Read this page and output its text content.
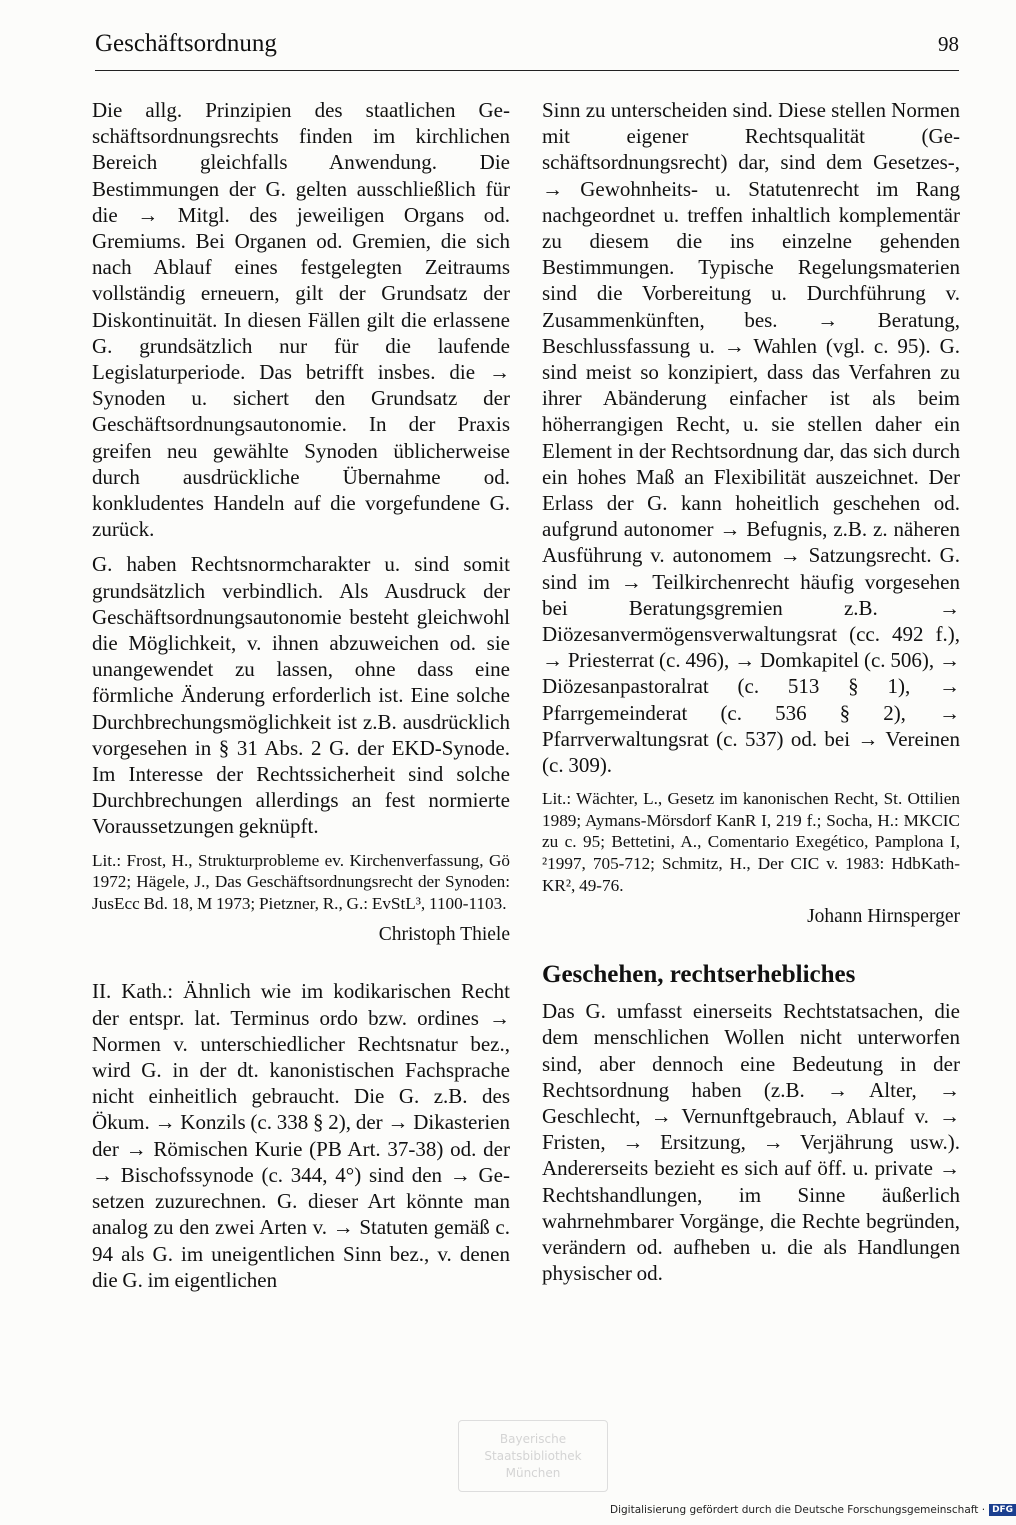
Geschäftsordnung	98

Die allg. Prinzipien des staatlichen Geschäftsordnungsrechts finden im kirchlichen Bereich gleichfalls Anwendung. Die Bestimmungen der G. gelten ausschließlich für die → Mitgl. des jeweiligen Organs od. Gremiums. Bei Organen od. Gremien, die sich nach Ablauf eines festgelegten Zeitraums vollständig erneuern, gilt der Grundsatz der Diskontinuität. In diesen Fällen gilt die erlassene G. grundsätzlich nur für die laufende Legislaturperiode. Das betrifft insbes. die → Synoden u. sichert den Grundsatz der Geschäftsordnungsautonomie. In der Praxis greifen neu gewählte Synoden üblicherweise durch ausdrückliche Übernahme od. konkludentes Handeln auf die vorgefundene G. zurück.

G. haben Rechtsnormcharakter u. sind somit grundsätzlich verbindlich. Als Ausdruck der Geschäftsordnungsautonomie besteht gleichwohl die Möglichkeit, v. ihnen abzuweichen od. sie unangewendet zu lassen, ohne dass eine förmliche Änderung erforderlich ist. Eine solche Durchbrechungsmöglichkeit ist z.B. ausdrücklich vorgesehen in § 31 Abs. 2 G. der EKD-Synode. Im Interesse der Rechtssicherheit sind solche Durchbrechungen allerdings an fest normierte Voraussetzungen geknüpft.

Lit.: Frost, H., Strukturprobleme ev. Kirchenverfassung, Gö 1972; Hägele, J., Das Geschäftsordnungsrecht der Synoden: JusEcc Bd. 18, M 1973; Pietzner, R., G.: EvStL³, 1100-1103.

Christoph Thiele

II. Kath.: Ähnlich wie im kodikarischen Recht der entspr. lat. Terminus ordo bzw. ordines → Normen v. unterschiedlicher Rechtsnatur bez., wird G. in der dt. kanonistischen Fachsprache nicht einheitlich gebraucht. Die G. z.B. des Ökum. → Konzils (c. 338 § 2), der → Dikasterien der → Römischen Kurie (PB Art. 37-38) od. der → Bischofssynode (c. 344, 4°) sind den → Gesetzen zuzurechnen. G. dieser Art könnte man analog zu den zwei Arten v. → Statuten gemäß c. 94 als G. im uneigentlichen Sinn bez., v. denen die G. im eigentlichen

Sinn zu unterscheiden sind. Diese stellen Normen mit eigener Rechtsqualität (Geschäftsordnungsrecht) dar, sind dem Gesetzes-, → Gewohnheits- u. Statutenrecht im Rang nachgeordnet u. treffen inhaltlich komplementär zu diesem die ins einzelne gehenden Bestimmungen. Typische Regelungsmaterien sind die Vorbereitung u. Durchführung v. Zusammenkünften, bes. → Beratung, Beschlussfassung u. → Wahlen (vgl. c. 95). G. sind meist so konzipiert, dass das Verfahren zu ihrer Abänderung einfacher ist als beim höherrangigen Recht, u. sie stellen daher ein Element in der Rechtsordnung dar, das sich durch ein hohes Maß an Flexibilität auszeichnet. Der Erlass der G. kann hoheitlich geschehen od. aufgrund autonomer → Befugnis, z.B. z. näheren Ausführung v. autonomem → Satzungsrecht. G. sind im → Teilkirchenrecht häufig vorgesehen bei Beratungsgremien z.B. → Diözesanvermögensverwaltungsrat (cc. 492 f.), → Priesterrat (c. 496), → Domkapitel (c. 506), → Diözesanpastoralrat (c. 513 § 1), → Pfarrgemeinderat (c. 536 § 2), → Pfarrverwaltungsrat (c. 537) od. bei → Vereinen (c. 309).

Lit.: Wächter, L., Gesetz im kanonischen Recht, St. Ottilien 1989; Aymans-Mörsdorf KanR I, 219 f.; Socha, H.: MKCIC zu c. 95; Bettetini, A., Comentario Exegético, Pamplona I, ²1997, 705-712; Schmitz, H., Der CIC v. 1983: HdbKath-KR², 49-76.

Johann Hirnsperger

Geschehen, rechtserhebliches

Das G. umfasst einerseits Rechtstatsachen, die dem menschlichen Wollen nicht unterworfen sind, aber dennoch eine Bedeutung in der Rechtsordnung haben (z.B. → Alter, → Geschlecht, → Vernunftgebrauch, Ablauf v. → Fristen, → Ersitzung, → Verjährung usw.). Andererseits bezieht es sich auf öff. u. private → Rechtshandlungen, im Sinne äußerlich wahrnehmbarer Vorgänge, die Rechte begründen, verändern od. aufheben u. die als Handlungen physischer od.

Bayerische
Staatsbibliothek
München
Digitalisierung gefördert durch die Deutsche Forschungsgemeinschaft · DFG
